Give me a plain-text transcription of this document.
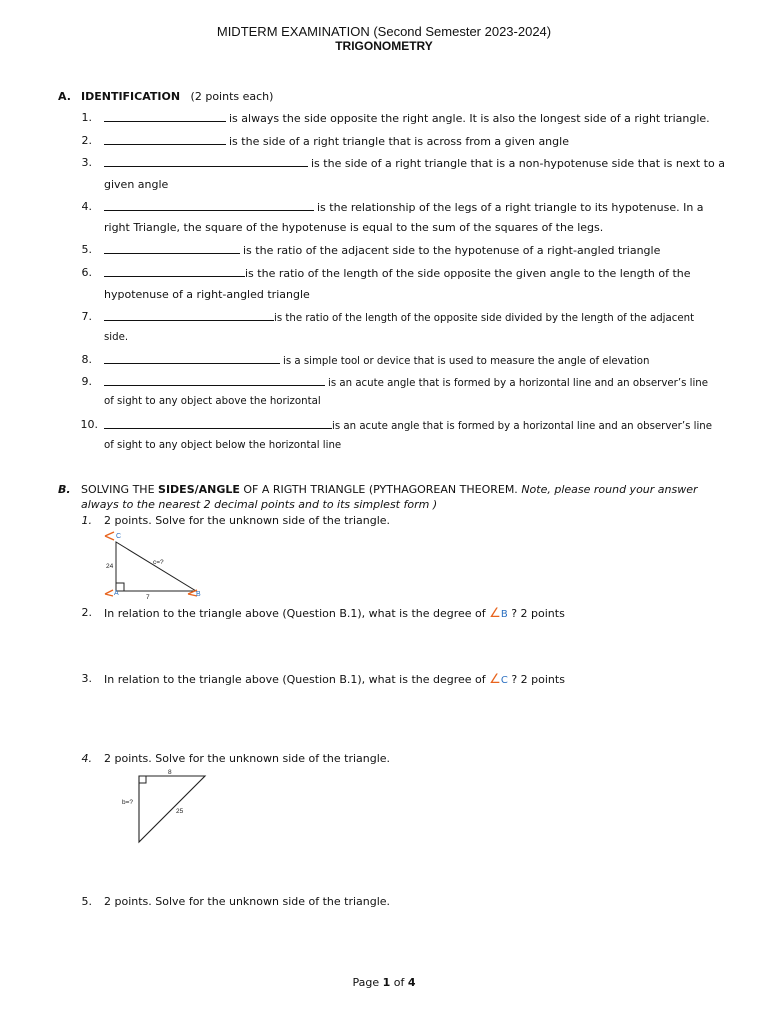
MIDTERM EXAMINATION (Second Semester 2023-2024)
TRIGONOMETRY
A. IDENTIFICATION (2 points each)
1.	is always the side opposite the right angle. It is also the longest side of a right triangle.
2.	is the side of a right triangle that is across from a given angle
3.	is the side of a right triangle that is a non-hypotenuse side that is next to a
given angle
4.	is the relationship of the legs of a right triangle to its hypotenuse. In a
right Triangle, the square of the hypotenuse is equal to the sum of the squares of the legs.
5.	is the ratio of the adjacent side to the hypotenuse of a right-angled triangle
6.	is the ratio of the length of the side opposite the given angle to the length of the
hypotenuse of a right-angled triangle
7.	is the ratio of the length of the opposite side divided by the length of the adjacent
side.
8.	is a simple tool or device that is used to measure the angle of elevation
9.	is an acute angle that is formed by a horizontal line and an observer’s line
of sight to any object above the horizontal
10.	is an acute angle that is formed by a horizontal line and an observer’s line
of sight to any object below the horizontal line
B. SOLVING THE SIDES/ANGLE OF A RIGTH TRIANGLE (PYTHAGOREAN THEOREM. Note, please round your answer
always to the nearest 2 decimal points and to its simplest form )
1. 2 points. Solve for the unknown side of the triangle.
C
24
c=?
A
7	B
2. In relation to the triangle above (Question B.1), what is the degree of ∠B ? 2 points
3. In relation to the triangle above (Question B.1), what is the degree of ∠C ? 2 points
4. 2 points. Solve for the unknown side of the triangle.
8
b=?
25
5. 2 points. Solve for the unknown side of the triangle.
Page 1 of 4
